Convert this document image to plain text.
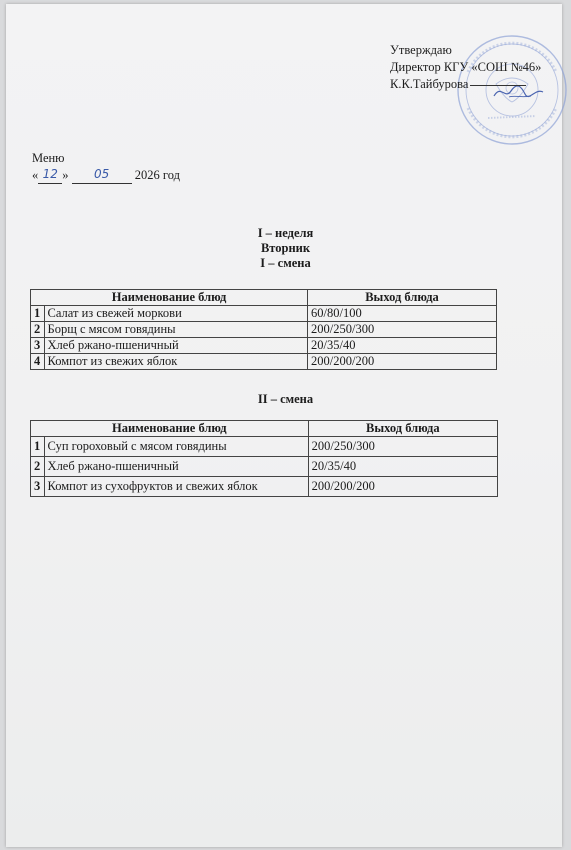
Утверждаю
Директор КГУ «СОШ №46»
К.К.Тайбурова
Меню
« 12 » 05 2026 год
I – неделя
Вторник
I – смена
Наименование блюд		Выход блюда
1	Салат из свежей моркови	60/80/100
2	Борщ с мясом говядины	200/250/300
3	Хлеб ржано-пшеничный	20/35/40
4	Компот из свежих яблок	200/200/200
II – смена
Наименование блюд		Выход блюда
1	Суп гороховый с мясом говядины	200/250/300
2	Хлеб ржано-пшеничный	20/35/40
3	Компот из сухофруктов и свежих яблок	200/200/200
